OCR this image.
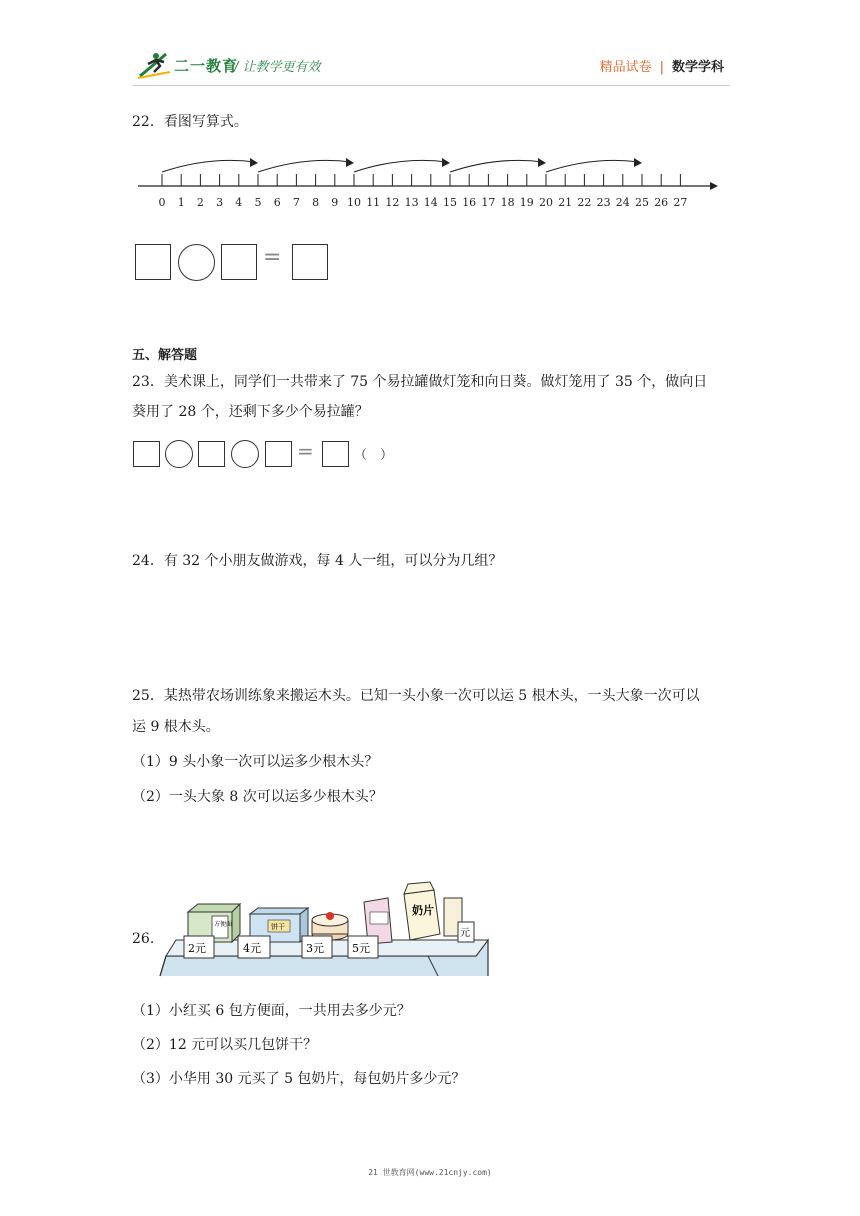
二一教育
/ 让教学更有效	精品试卷 | 数学学科
22．看图写算式。
0 1 2 3 4 5 6 7 8 9 10 11 12 13 14 15 16 17 18 19 20 21 22 23 24 25 26 27
=
五、解答题
23．美术课上，同学们一共带来了 75 个易拉罐做灯笼和向日葵。做灯笼用了 35 个，做向日
葵用了 28 个，还剩下多少个易拉罐？
=	（　）
24．有 32 个小朋友做游戏，每 4 人一组，可以分为几组？
25．某热带农场训练象来搬运木头。已知一头小象一次可以运 5 根木头，一头大象一次可以
运 9 根木头。
（1）9 头小象一次可以运多少根木头？
（2）一头大象 8 次可以运多少根木头？
26.
方便面	饼干
奶片
2元	4元	3元	5元
元
（1）小红买 6 包方便面，一共用去多少元？
（2）12 元可以买几包饼干？
（3）小华用 30 元买了 5 包奶片，每包奶片多少元？
21 世教育网(www.21cnjy.com)
